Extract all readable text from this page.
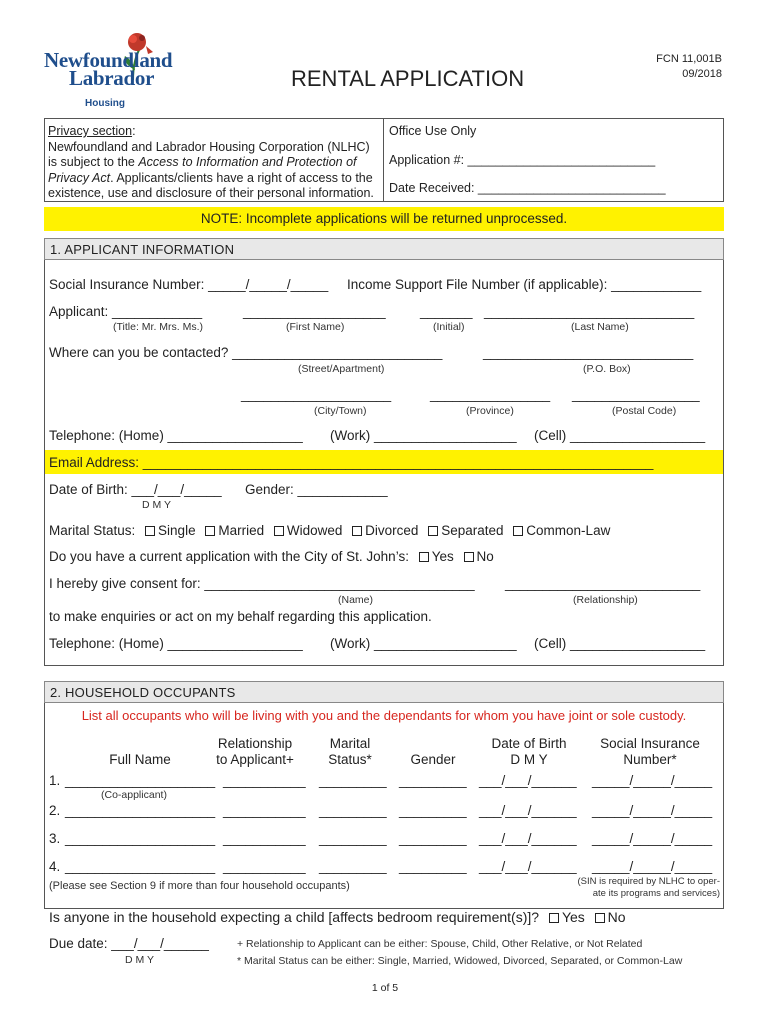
Newfoundland
Labrador
Housing
RENTAL APPLICATION
FCN 11,001B
09/2018
Privacy section:
Newfoundland and Labrador Housing Corporation (NLHC)
is subject to the Access to Information and Protection of
Privacy Act. Applicants/clients have a right of access to the
existence, use and disclosure of their personal information.
Office Use Only
Application #: ___________________________
Date Received: ___________________________
NOTE: Incomplete applications will be returned unprocessed.
1. APPLICANT INFORMATION
Social Insurance Number: _____/_____/_____ Income Support File Number (if applicable): ____________
Applicant: ____________	___________________	_______ ____________________________
(Title: Mr. Mrs. Ms.)	(First Name)	(Initial)	(Last Name)
Where can you be contacted? ____________________________	____________________________
(Street/Apartment)	(P.O. Box)
____________________	________________ _________________
(City/Town)	(Province)	(Postal Code)
Telephone: (Home) __________________ (Work) ___________________ (Cell) __________________
Email Address: ____________________________________________________________________
Date of Birth: ___/___/_____ Gender: ____________
D M Y
Marital Status: Single Married Widowed Divorced Separated Common-Law
Do you have a current application with the City of St. John’s: Yes No
I hereby give consent for: ____________________________________ __________________________
(Name)	(Relationship)
to make enquiries or act on my behalf regarding this application.
Telephone: (Home) __________________ (Work) ___________________ (Cell) __________________
2. HOUSEHOLD OCCUPANTS
List all occupants who will be living with you and the dependants for whom you have joint or sole custody.
Full Name
Relationship
to Applicant+
Marital
Status*	Gender
Date of Birth
D M Y
Social Insurance
Number*
1. ____________________ ___________ _________ _________ ___/___/______ _____/_____/_____
(Co-applicant)
2. ____________________ ___________ _________ _________ ___/___/______ _____/_____/_____
3. ____________________ ___________ _________ _________ ___/___/______ _____/_____/_____
4. ____________________ ___________ _________ _________ ___/___/______ _____/_____/_____
(Please see Section 9 if more than four household occupants)	(SIN is required by NLHC to oper-
ate its programs and services)
Is anyone in the household expecting a child [affects bedroom requirement(s)]? Yes No
Due date: ___/___/______
D M Y
+ Relationship to Applicant can be either: Spouse, Child, Other Relative, or Not Related
* Marital Status can be either: Single, Married, Widowed, Divorced, Separated, or Common-Law
1 of 5
